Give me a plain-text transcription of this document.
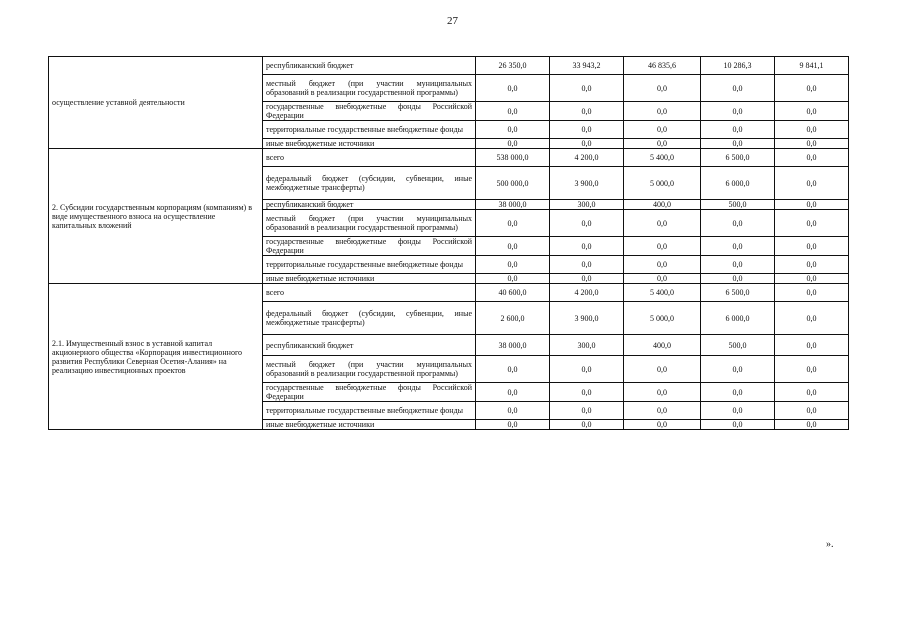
27
осуществление уставной деятельности	республиканский бюджет	26 350,0	33 943,2	46 835,6	10 286,3	9 841,1
	местный бюджет (при участии муниципальных образований в реализации государственной программы)	0,0	0,0	0,0	0,0	0,0
	государственные внебюджетные фонды Российской Федерации	0,0	0,0	0,0	0,0	0,0
	территориальные государственные внебюджетные фонды	0,0	0,0	0,0	0,0	0,0
	иные внебюджетные источники	0,0	0,0	0,0	0,0	0,0
2. Субсидии государственным корпорациям (компаниям) в виде имущественного взноса на осуществление капитальных вложений	всего	538 000,0	4 200,0	5 400,0	6 500,0	0,0
	федеральный бюджет (субсидии, субвенции, иные межбюджетные трансферты)	500 000,0	3 900,0	5 000,0	6 000,0	0,0
	республиканский бюджет	38 000,0	300,0	400,0	500,0	0,0
	местный бюджет (при участии муниципальных образований в реализации государственной программы)	0,0	0,0	0,0	0,0	0,0
	государственные внебюджетные фонды Российской Федерации	0,0	0,0	0,0	0,0	0,0
	территориальные государственные внебюджетные фонды	0,0	0,0	0,0	0,0	0,0
	иные внебюджетные источники	0,0	0,0	0,0	0,0	0,0
2.1. Имущественный взнос в уставной капитал акционерного общества «Корпорация инвестиционного развития Республики Северная Осетия-Алания» на реализацию инвестиционных проектов	всего	40 600,0	4 200,0	5 400,0	6 500,0	0,0
	федеральный бюджет (субсидии, субвенции, иные межбюджетные трансферты)	2 600,0	3 900,0	5 000,0	6 000,0	0,0
	республиканский бюджет	38 000,0	300,0	400,0	500,0	0,0
	местный бюджет (при участии муниципальных образований в реализации государственной программы)	0,0	0,0	0,0	0,0	0,0
	государственные внебюджетные фонды Российской Федерации	0,0	0,0	0,0	0,0	0,0
	территориальные государственные внебюджетные фонды	0,0	0,0	0,0	0,0	0,0
	иные внебюджетные источники	0,0	0,0	0,0	0,0	0,0
».
